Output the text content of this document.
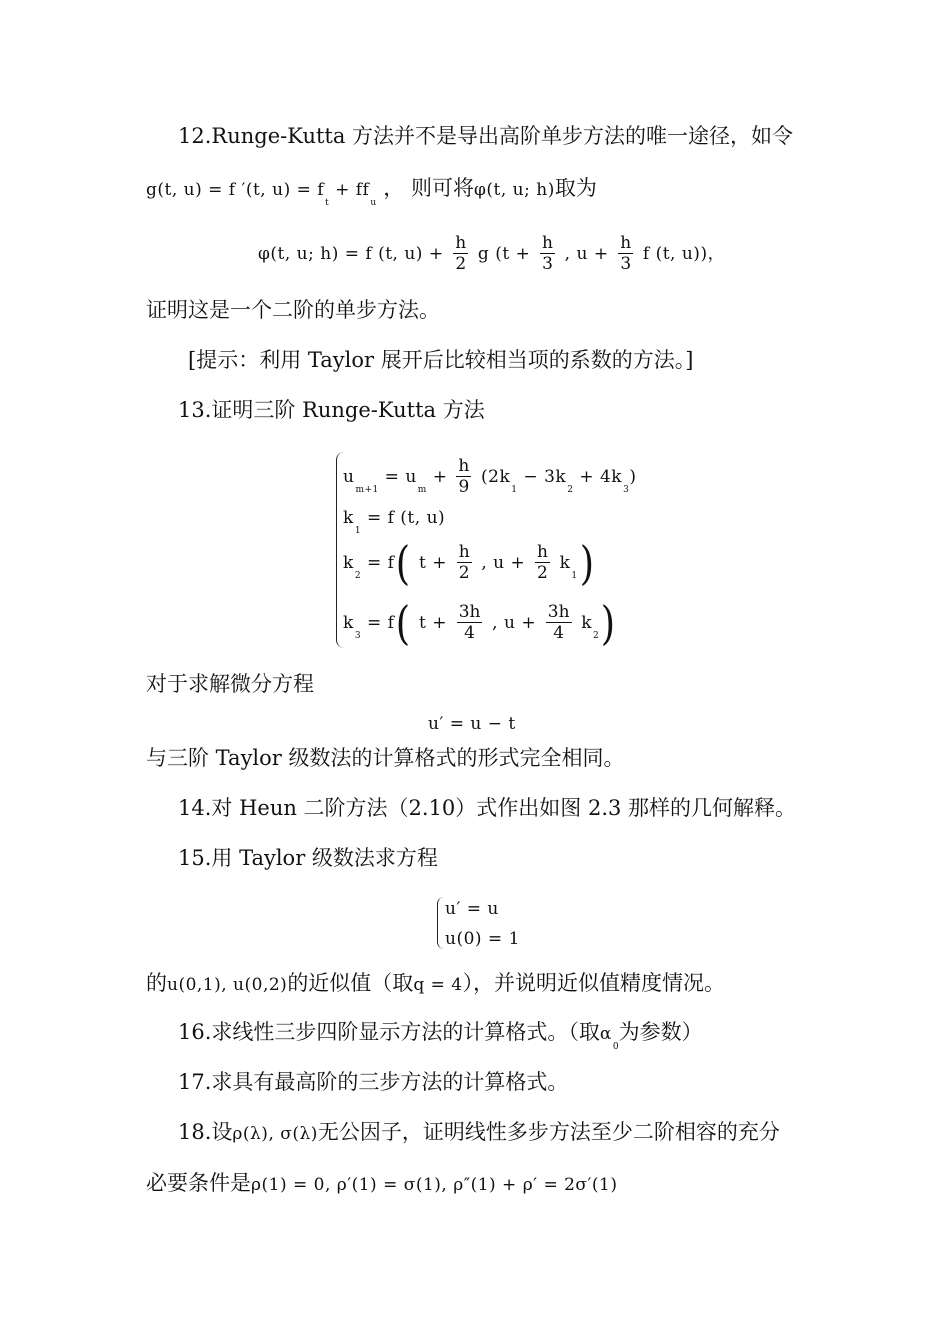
12.Runge-Kutta 方法并不是导出高阶单步方法的唯一途径，如令
g(t, u) = f ′(t, $u) = f_t + ff_u$ ， 则可将φ(t, u; h)取为
φ(t, u; h) = f (t, $u) + \frac{h}{2}$ g ($t + \frac{h}{3}$ , $u + \frac{h}{3}$ f (t, u))，
证明这是一个二阶的单步方法。
[提示：利用 Taylor 展开后比较相当项的系数的方法。]
13.证明三阶 Runge-Kutta 方法
$u_{m+1} = u_m + \frac{h}{9} (2k_1 - 3k_2 + 4k_3)$
$k_1 = f$ (t, u)
$k_2 = f$( $t + \frac{h}{2}$ , $u + \frac{h}{2} k_1$)
$k_3 = f$( $t + \frac{3h}{4}$ , $u + \frac{3h}{4} k_2$)
对于求解微分方程
u′ = u − t
与三阶 Taylor 级数法的计算格式的形式完全相同。
14.对 Heun 二阶方法（2.10）式作出如图 2.3 那样的几何解释。
15.用 Taylor 级数法求方程
u′ = u
u(0) = 1
的u(0,1), u(0,2)的近似值（取q = 4），并说明近似值精度情况。
16.求线性三步四阶显示方法的计算格式。（取$\alpha_0$为参数）
17.求具有最高阶的三步方法的计算格式。
18.设ρ(λ), σ(λ)无公因子，证明线性多步方法至少二阶相容的充分
必要条件是ρ(1) = 0, ρ′(1) = σ(1), ρ″(1) + ρ′ = 2σ′(1)
